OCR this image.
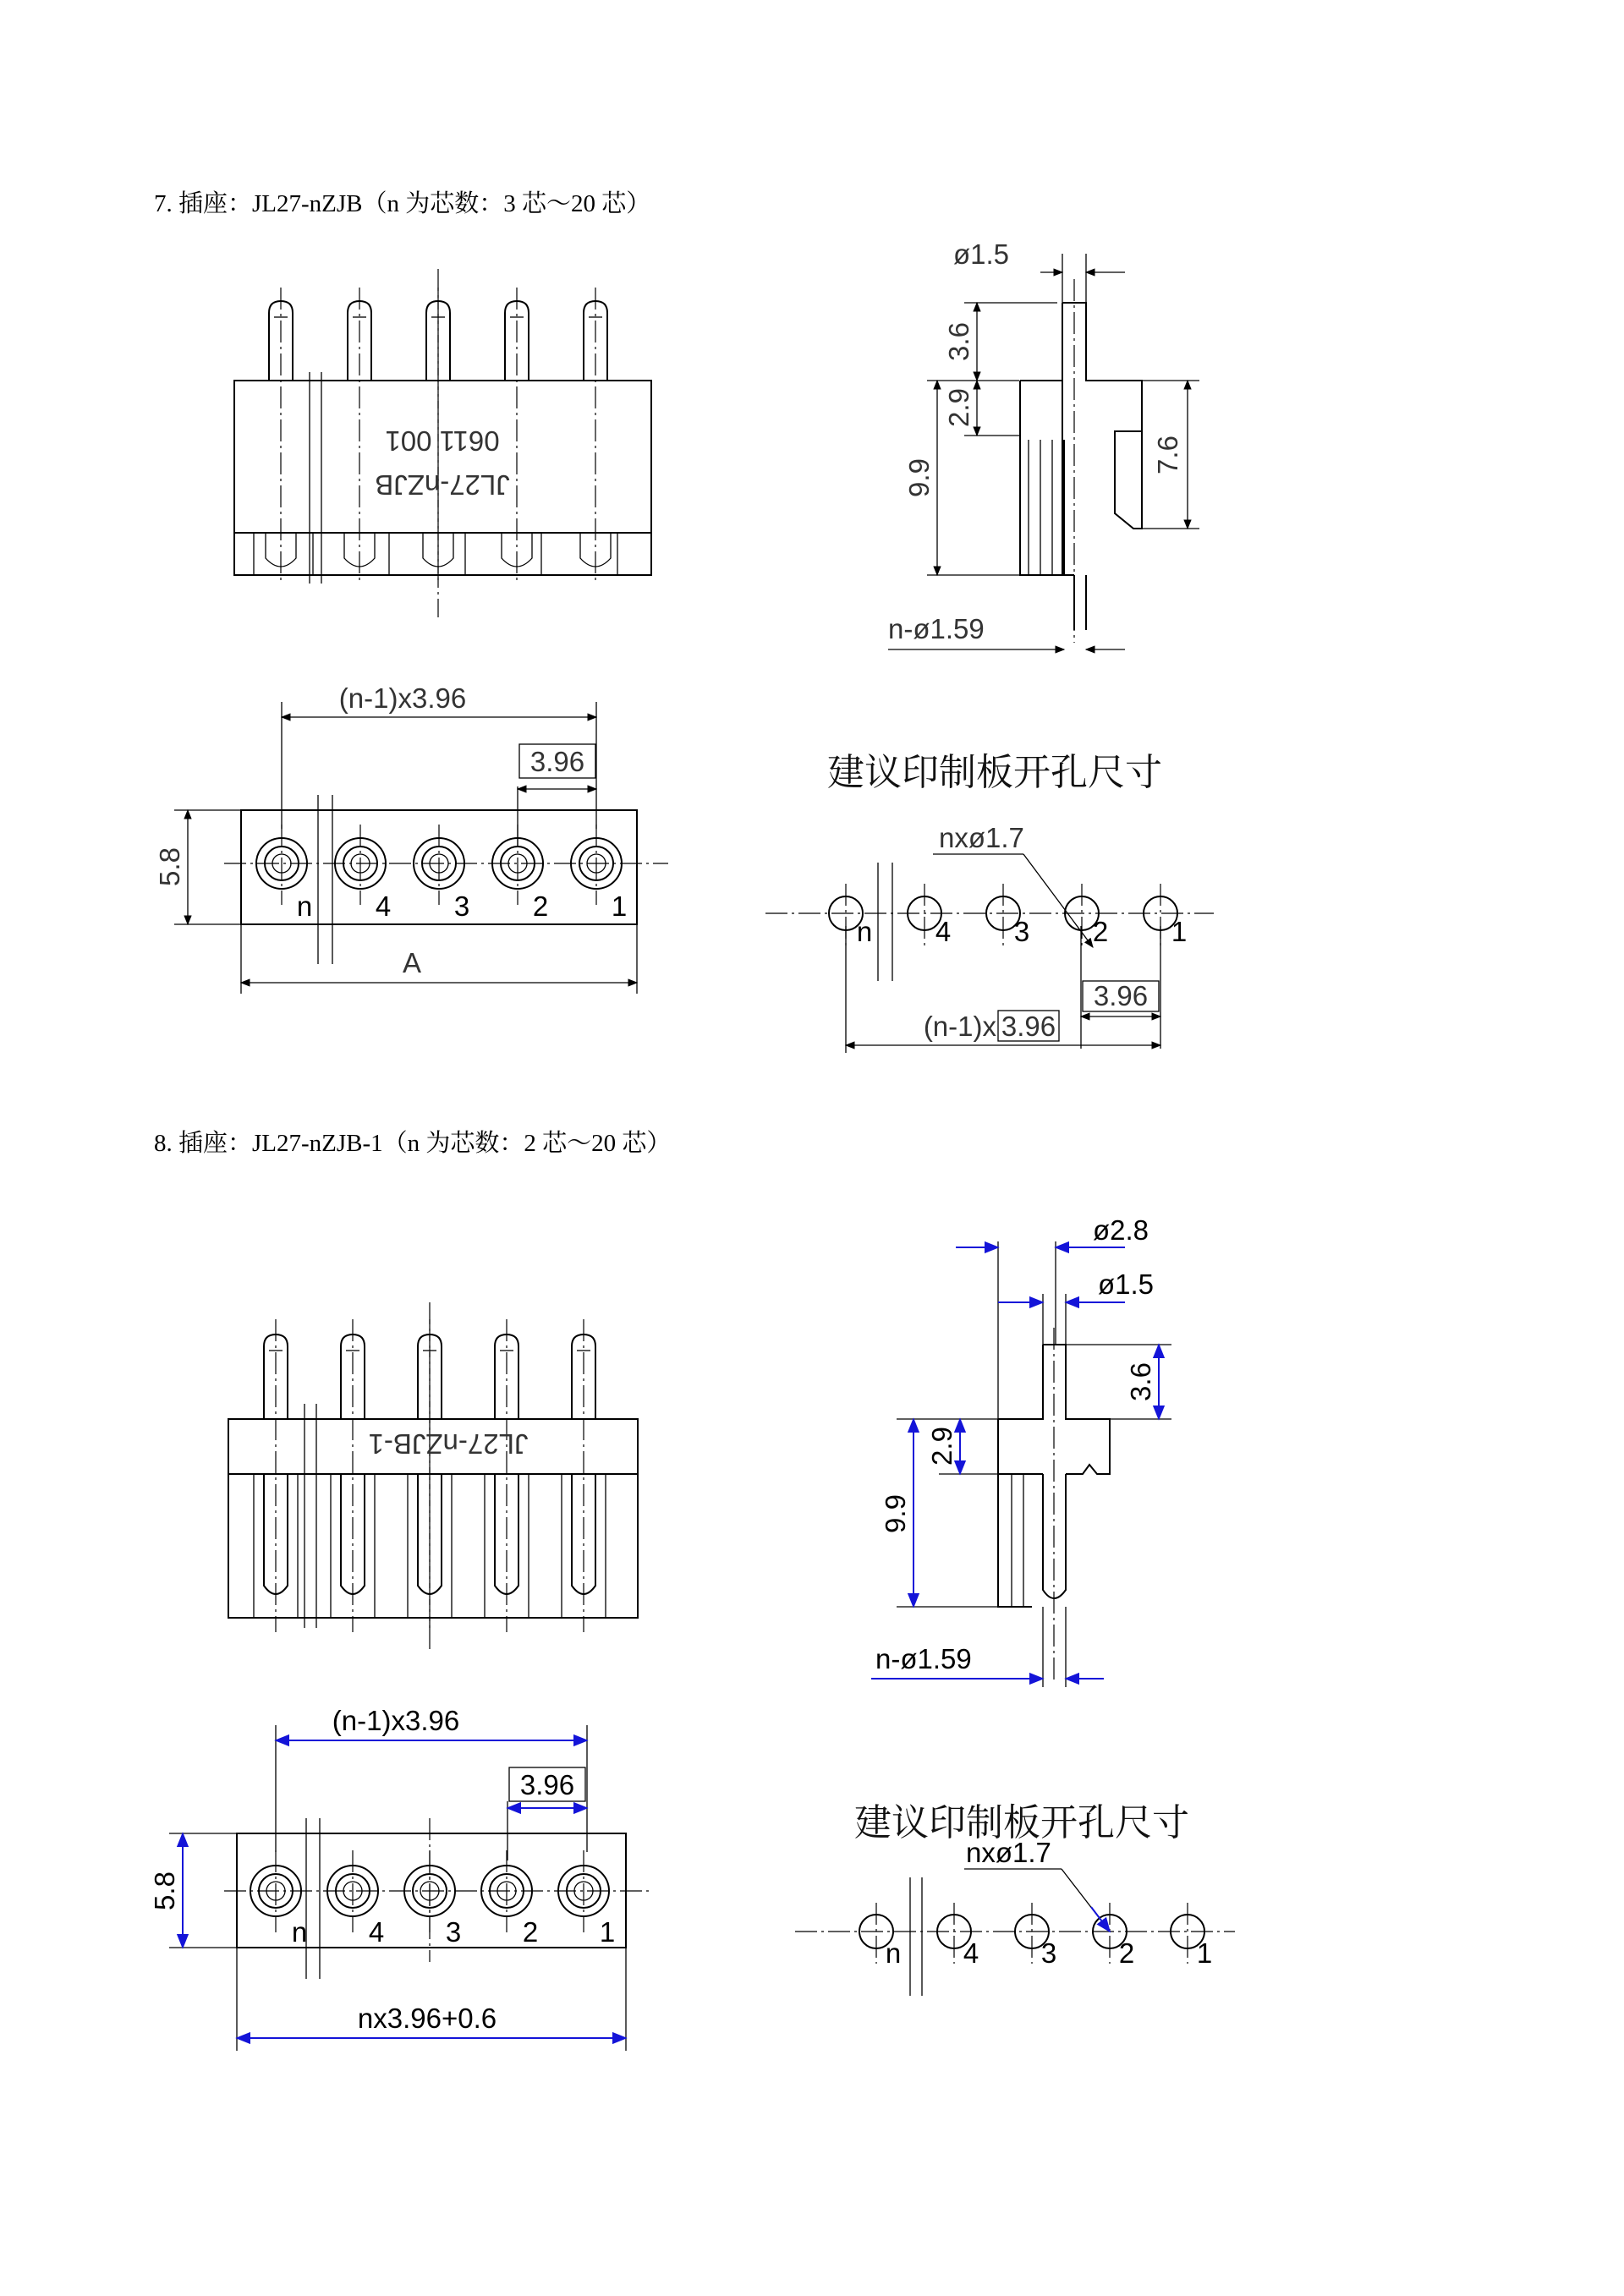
7. 插座：JL27-nZJB（n 为芯数：3 芯～20 芯）
8. 插座：JL27-nZJB-1（n 为芯数：2 芯～20 芯）
0611 001
JL27-nZJB
ø1.5
3.6
2.9
9.9
7.6
n-ø1.59
n 4 3 2 1
(n-1)x3.96
3.96
5.8
A
建议印制板开孔尺寸
n 4 3 2 1
nxø1.7
3.96
(n-1)x 3.96
JL27-nZJB-1
ø2.8
ø1.5
3.6
2.9
9.9
n-ø1.59
n 4 3 2 1
(n-1)x3.96
3.96
5.8
nx3.96+0.6
建议印制板开孔尺寸
n 4 3 2 1
nxø1.7
